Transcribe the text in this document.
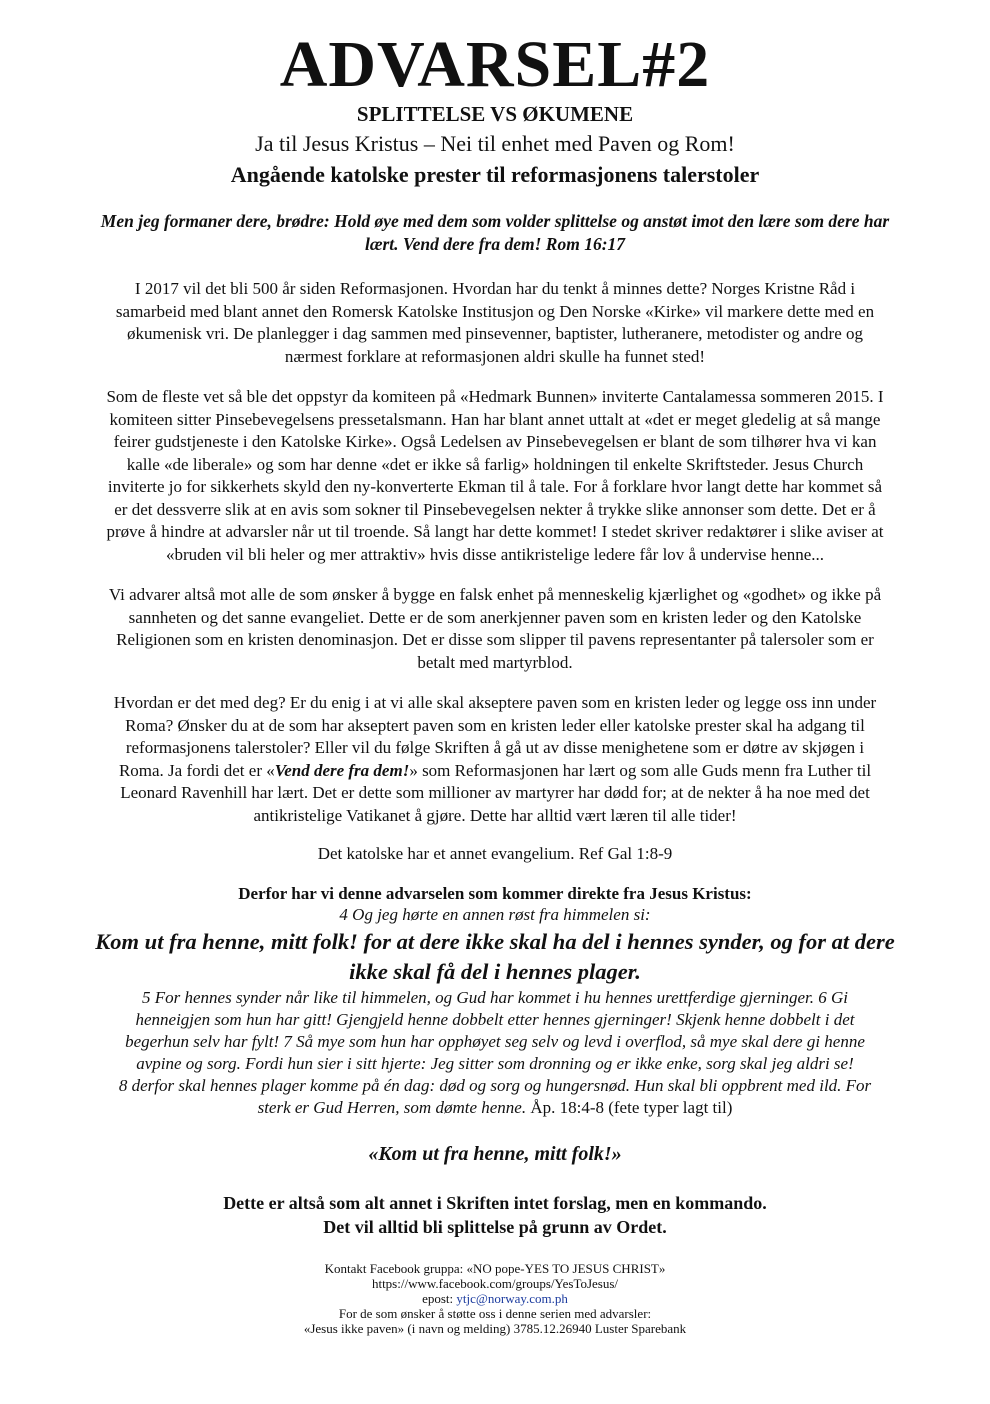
ADVARSEL#2
SPLITTELSE VS ØKUMENE
Ja til Jesus Kristus – Nei til enhet med Paven og Rom!
Angående katolske prester til reformasjonens talerstoler
Men jeg formaner dere, brødre: Hold øye med dem som volder splittelse og anstøt imot den lære som dere har
lært. Vend dere fra dem! Rom 16:17

I 2017 vil det bli 500 år siden Reformasjonen. Hvordan har du tenkt å minnes dette? Norges Kristne Råd i
samarbeid med blant annet den Romersk Katolske Institusjon og Den Norske «Kirke» vil markere dette med en
økumenisk vri. De planlegger i dag sammen med pinsevenner, baptister, lutheranere, metodister og andre og
nærmest forklare at reformasjonen aldri skulle ha funnet sted!

Som de fleste vet så ble det oppstyr da komiteen på «Hedmark Bunnen» inviterte Cantalamessa sommeren 2015. I
komiteen sitter Pinsebevegelsens pressetalsmann. Han har blant annet uttalt at «det er meget gledelig at så mange
feirer gudstjeneste i den Katolske Kirke». Også Ledelsen av Pinsebevegelsen er blant de som tilhører hva vi kan
kalle «de liberale» og som har denne «det er ikke så farlig» holdningen til enkelte Skriftsteder. Jesus Church
inviterte jo for sikkerhets skyld den ny-konverterte Ekman til å tale. For å forklare hvor langt dette har kommet så
er det dessverre slik at en avis som sokner til Pinsebevegelsen nekter å trykke slike annonser som dette. Det er å
prøve å hindre at advarsler når ut til troende. Så langt har dette kommet! I stedet skriver redaktører i slike aviser at
«bruden vil bli heler og mer attraktiv» hvis disse antikristelige ledere får lov å undervise henne...

Vi advarer altså mot alle de som ønsker å bygge en falsk enhet på menneskelig kjærlighet og «godhet» og ikke på
sannheten og det sanne evangeliet. Dette er de som anerkjenner paven som en kristen leder og den Katolske
Religionen som en kristen denominasjon. Det er disse som slipper til pavens representanter på talersoler som er
betalt med martyrblod.

Hvordan er det med deg? Er du enig i at vi alle skal akseptere paven som en kristen leder og legge oss inn under
Roma? Ønsker du at de som har akseptert paven som en kristen leder eller katolske prester skal ha adgang til
reformasjonens talerstoler? Eller vil du følge Skriften å gå ut av disse menighetene som er døtre av skjøgen i
Roma. Ja fordi det er «Vend dere fra dem!» som Reformasjonen har lært og som alle Guds menn fra Luther til
Leonard Ravenhill har lært. Det er dette som millioner av martyrer har dødd for; at de nekter å ha noe med det
antikristelige Vatikanet å gjøre. Dette har alltid vært læren til alle tider!

Det katolske har et annet evangelium. Ref Gal 1:8-9
Derfor har vi denne advarselen som kommer direkte fra Jesus Kristus:
4 Og jeg hørte en annen røst fra himmelen si:
Kom ut fra henne, mitt folk! for at dere ikke skal ha del i hennes synder, og for at dere
ikke skal få del i hennes plager.
5 For hennes synder når like til himmelen, og Gud har kommet i hu hennes urettferdige gjerninger. 6 Gi
henneigjen som hun har gitt! Gjengjeld henne dobbelt etter hennes gjerninger! Skjenk henne dobbelt i det
begerhun selv har fylt! 7 Så mye som hun har opphøyet seg selv og levd i overflod, så mye skal dere gi henne
avpine og sorg. Fordi hun sier i sitt hjerte: Jeg sitter som dronning og er ikke enke, sorg skal jeg aldri se!
8 derfor skal hennes plager komme på én dag: død og sorg og hungersnød. Hun skal bli oppbrent med ild. For
sterk er Gud Herren, som dømte henne. Åp. 18:4-8 (fete typer lagt til)
«Kom ut fra henne, mitt folk!»
Dette er altså som alt annet i Skriften intet forslag, men en kommando.
Det vil alltid bli splittelse på grunn av Ordet.
Kontakt Facebook gruppa: «NO pope-YES TO JESUS CHRIST»
https://www.facebook.com/groups/YesToJesus/
epost: ytjc@norway.com.ph
For de som ønsker å støtte oss i denne serien med advarsler:
«Jesus ikke paven» (i navn og melding) 3785.12.26940 Luster Sparebank
